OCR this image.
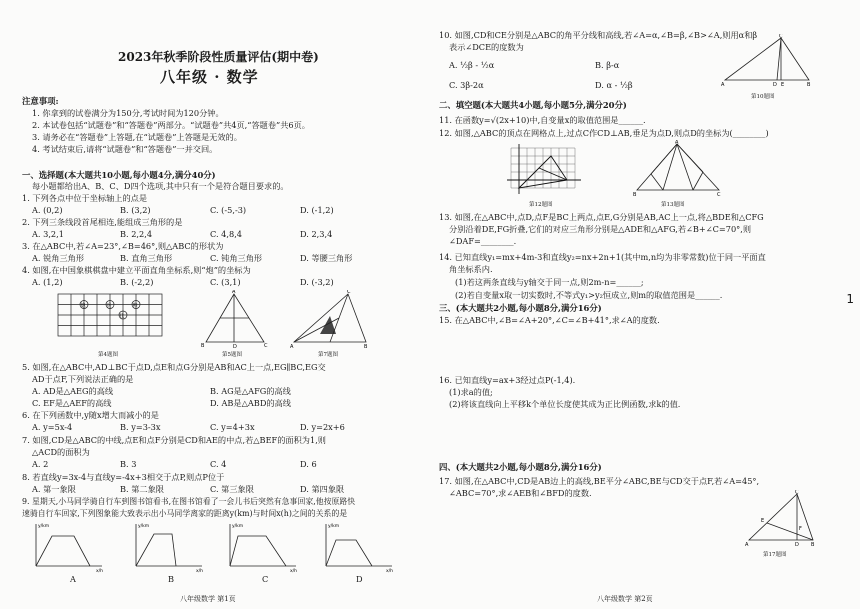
2023年秋季阶段性质量评估(期中卷)
八年级 · 数学
注意事项:
1. 你拿到的试卷满分为150分,考试时间为120分钟。
2. 本试卷包括“试题卷”和“答题卷”两部分。“试题卷”共4页,“答题卷”共6页。
3. 请务必在“答题卷”上答题,在“试题卷”上答题是无效的。
4. 考试结束后,请将“试题卷”和“答题卷”一并交回。
一、选择题(本大题共10小题,每小题4分,满分40分)
每小题都给出A、B、C、D四个选项,其中只有一个是符合题目要求的。
1. 下列各点中位于坐标轴上的点是
A. (0,2)	B. (3,2)	C. (-5,-3)	D. (-1,2)
2. 下列三条线段首尾相连,能组成三角形的是
A. 3,2,1	B. 2,2,4	C. 4,8,4	D. 2,3,4
3. 在△ABC中,若∠A=23°,∠B=46°,则△ABC的形状为
A. 锐角三角形	B. 直角三角形	C. 钝角三角形	D. 等腰三角形
4. 如图,在中国象棋棋盘中建立平面直角坐标系,则“炮”的坐标为
A. (1,2)	B. (-2,2)	C. (3,1)	D. (-3,2)
炮	兵	帅
仕
第4题图
A
B	C
D
第5题图
C
A	B
第7题图
5. 如图,在△ABC中,AD⊥BC于点D,点E和点G分别是AB和AC上一点,EG∥BC,EG交
AD于点F,下列说法正确的是
A. AD是△AEG的高线	B. AG是△AFG的高线
C. EF是△AEF的高线	D. AB是△ABD的高线
6. 在下列函数中,y随x增大而减小的是
A. y=5x-4	B. y=3-3x	C. y=4+3x	D. y=2x+6
7. 如图,CD是△ABC的中线,点E和点F分别是CD和AE的中点,若△BEF的面积为1,则
△ACD的面积为
A. 2	B. 3	C. 4	D. 6
8. 若直线y=3x-4与直线y=-4x+3相交于点P,则点P位于
A. 第一象限	B. 第二象限	C. 第三象限	D. 第四象限
9. 星期天,小马同学骑自行车到图书馆看书,在图书馆看了一会儿书后突然有急事回家,他按原路快
速骑自行车回家,下列图象能大致表示出小马同学离家的距离y(km)与时间x(h)之间的关系的是
y/km
x/h
y/km
x/h
y/km
x/h
y/km
x/h
A	B	C	D
八年级数学 第1页
10. 如图,CD和CE分别是△ABC的角平分线和高线,若∠A=α,∠B=β,∠B>∠A,则用α和β
表示∠DCE的度数为
A. ½β - ½α	B. β-α
C. 3β-2α	D. α - ½β
C
A	B
D E
第10题图
二、填空题(本大题共4小题,每小题5分,满分20分)
11. 在函数y=√(2x+10)中,自变量x的取值范围是______.
12. 如图,△ABC的顶点在网格点上,过点C作CD⊥AB,垂足为点D,则点D的坐标为(________)
第12题图
A
B	C
第13题图
13. 如图,在△ABC中,点D,点F是BC上两点,点E,G分别是AB,AC上一点,将△BDE和△CFG
分别沿着DE,FG折叠,它们的对应三角形分别是△ADE和△AFG,若∠B+∠C=70°,则
∠DAF=________.
14. 已知直线y₁=mx+4m-3和直线y₂=nx+2n+1(其中m,n均为非零常数)位于同一平面直
角坐标系内.
(1)若这两条直线与y轴交于同一点,则2m-n=______;
(2)若自变量x取一切实数时,不等式y₁>y₂恒成立,则m的取值范围是______.
三、(本大题共2小题,每小题8分,满分16分)
15. 在△ABC中,∠B=∠A+20°,∠C=∠B+41°,求∠A的度数.
16. 已知直线y=ax+3经过点P(-1,4).
(1)求a的值;
(2)将该直线向上平移k个单位长度使其成为正比例函数,求k的值.
四、(本大题共2小题,每小题8分,满分16分)
17. 如图,在△ABC中,CD是AB边上的高线,BE平分∠ABC,BE与CD交于点F,若∠A=45°,
∠ABC=70°,求∠AEB和∠BFD的度数.	C
A	B
D
E
F
第17题图
八年级数学 第2页
1
